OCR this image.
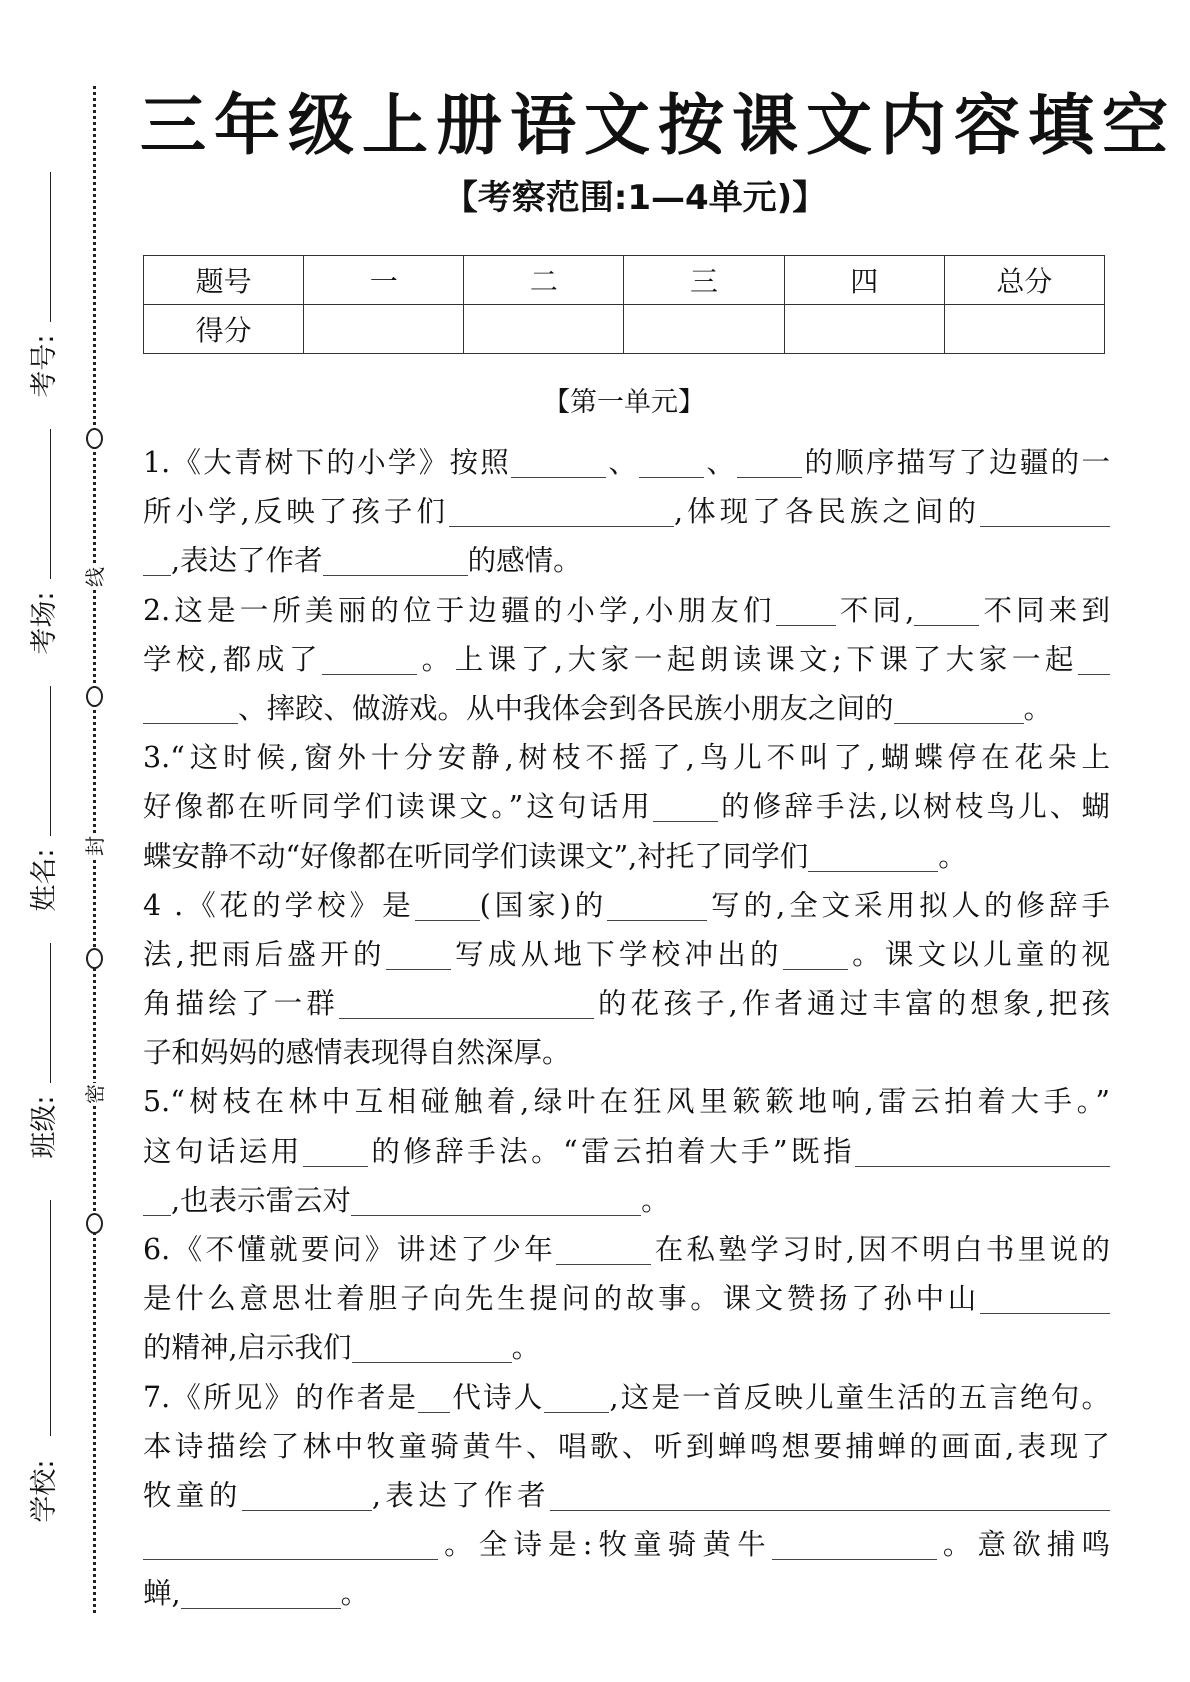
线
封
密
考号:
考场:
姓名:
班级:
学校:
三年级上册语文按课文内容填空
【考察范围:1—4单元)】
题号	一	二	三	四	总分
得分					
【第一单元】
1.《大青树下的小学》按照	、 、 的顺序描写了边疆的一
所小学,反映了孩子们	,体现了各民族之间的
,表达了作者	的感情。
2.这是一所美丽的位于边疆的小学,小朋友们 不同, 不同来到
学校,都成了	。上课了,大家一起朗读课文;下课了大家一起
、摔跤、做游戏。从中我体会到各民族小朋友之间的	。
3.“这时候,窗外十分安静,树枝不摇了,鸟儿不叫了,蝴蝶停在花朵上
好像都在听同学们读课文。”这句话用 的修辞手法,以树枝鸟儿、蝴
蝶安静不动“好像都在听同学们读课文”,衬托了同学们	。
4 .《花的学校》是 (国家)的	写的,全文采用拟人的修辞手
法,把雨后盛开的 写成从地下学校冲出的 。课文以儿童的视
角描绘了一群	的花孩子,作者通过丰富的想象,把孩
子和妈妈的感情表现得自然深厚。
5.“树枝在林中互相碰触着,绿叶在狂风里簌簌地响,雷云拍着大手。”
这句话运用 的修辞手法。“雷云拍着大手”既指
,也表示雷云对	。
6.《不懂就要问》讲述了少年	在私塾学习时,因不明白书里说的
是什么意思壮着胆子向先生提问的故事。课文赞扬了孙中山
的精神,启示我们	。
7.《所见》的作者是 代诗人 ,这是一首反映儿童生活的五言绝句。
本诗描绘了林中牧童骑黄牛、唱歌、听到蝉鸣想要捕蝉的画面,表现了
牧童的	,表达了作者
。全诗是:牧童骑黄牛	。意欲捕鸣
蝉,	。
